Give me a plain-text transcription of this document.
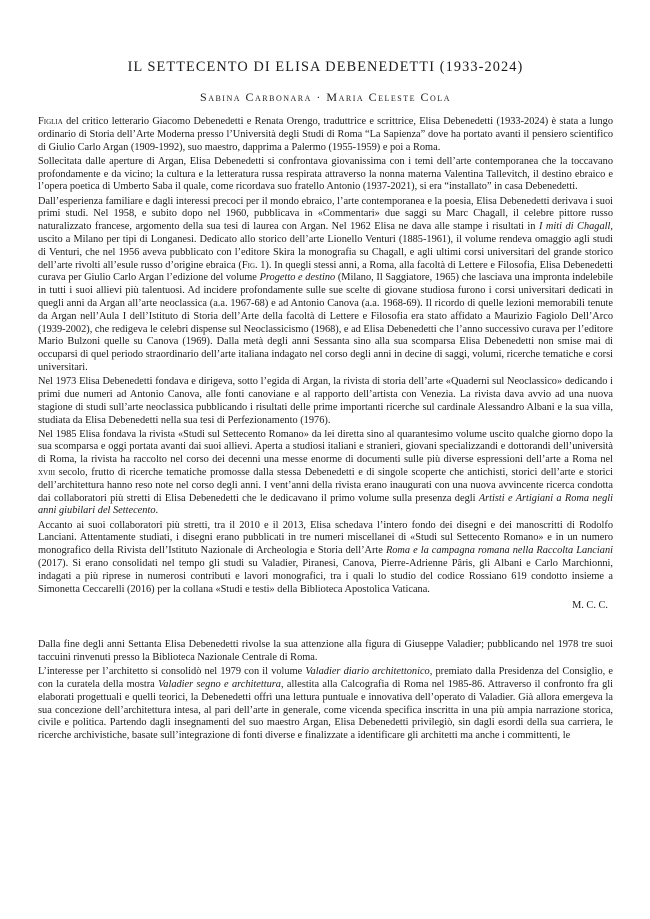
IL SETTECENTO DI ELISA DEBENEDETTI (1933-2024)
Sabina Carbonara · Maria Celeste Cola

Figlia del critico letterario Giacomo Debenedetti e Renata Orengo, traduttrice e scrittrice, Elisa Debenedetti (1933-2024) è stata a lungo ordinario di Storia dell’Arte Moderna presso l’Università degli Studi di Roma “La Sapienza” dove ha portato avanti il pensiero scientifico di Giulio Carlo Argan (1909-1992), suo maestro, dapprima a Palermo (1955-1959) e poi a Roma.

Sollecitata dalle aperture di Argan, Elisa Debenedetti si confrontava giovanissima con i temi dell’arte contemporanea che la toccavano profondamente e da vicino; la cultura e la letteratura russa respirata attraverso la nonna materna Valentina Tallevitch, il destino ebraico e l’opera poetica di Umberto Saba il quale, come ricordava suo fratello Antonio (1937-2021), si era “installato” in casa Debenedetti.

Dall’esperienza familiare e dagli interessi precoci per il mondo ebraico, l’arte contemporanea e la poesia, Elisa Debenedetti derivava i suoi primi studi. Nel 1958, e subito dopo nel 1960, pubblicava in «Commentari» due saggi su Marc Chagall, il celebre pittore russo naturalizzato francese, argomento della sua tesi di laurea con Argan. Nel 1962 Elisa ne dava alle stampe i risultati in I miti di Chagall, uscito a Milano per tipi di Longanesi. Dedicato allo storico dell’arte Lionello Venturi (1885-1961), il volume rendeva omaggio agli studi di Venturi, che nel 1956 aveva pubblicato con l’editore Skira la monografia su Chagall, e agli ultimi corsi universitari del grande storico dell’arte rivolti all’esule russo d’origine ebraica (Fig. 1). In quegli stessi anni, a Roma, alla facoltà di Lettere e Filosofia, Elisa Debenedetti curava per Giulio Carlo Argan l’edizione del volume Progetto e destino (Milano, Il Saggiatore, 1965) che lasciava una impronta indelebile in tutti i suoi allievi più talentuosi. Ad incidere profondamente sulle sue scelte di giovane studiosa furono i corsi universitari dedicati in quegli anni da Argan all’arte neoclassica (a.a. 1967-68) e ad Antonio Canova (a.a. 1968-69). Il ricordo di quelle lezioni memorabili tenute da Argan nell’Aula I dell’Istituto di Storia dell’Arte della facoltà di Lettere e Filosofia era stato affidato a Maurizio Fagiolo Dell’Arco (1939-2002), che redigeva le celebri dispense sul Neoclassicismo (1968), e ad Elisa Debenedetti che l’anno successivo curava per l’editore Mario Bulzoni quelle su Canova (1969). Dalla metà degli anni Sessanta sino alla sua scomparsa Elisa Debenedetti non smise mai di occuparsi di quel periodo straordinario dell’arte italiana indagato nel corso degli anni in decine di saggi, volumi, ricerche tematiche e corsi universitari.

Nel 1973 Elisa Debenedetti fondava e dirigeva, sotto l’egida di Argan, la rivista di storia dell’arte «Quaderni sul Neoclassico» dedicando i primi due numeri ad Antonio Canova, alle fonti canoviane e al rapporto dell’artista con Venezia. La rivista dava avvio ad una nuova stagione di studi sull’arte neoclassica pubblicando i risultati delle prime importanti ricerche sul cardinale Alessandro Albani e la sua villa, studiata da Elisa Debenedetti nella sua tesi di Perfezionamento (1976).

Nel 1985 Elisa fondava la rivista «Studi sul Settecento Romano» da lei diretta sino al quarantesimo volume uscito qualche giorno dopo la sua scomparsa e oggi portata avanti dai suoi allievi. Aperta a studiosi italiani e stranieri, giovani specializzandi e dottorandi dell’università di Roma, la rivista ha raccolto nel corso dei decenni una messe enorme di documenti sulle più diverse espressioni dell’arte a Roma nel xviii secolo, frutto di ricerche tematiche promosse dalla stessa Debenedetti e di singole scoperte che antichisti, storici dell’arte e storici dell’architettura hanno reso note nel corso degli anni. I vent’anni della rivista erano inaugurati con una nuova avvincente ricerca condotta dai collaboratori più stretti di Elisa Debenedetti che le dedicavano il primo volume sulla presenza degli Artisti e Artigiani a Roma negli anni giubilari del Settecento.

Accanto ai suoi collaboratori più stretti, tra il 2010 e il 2013, Elisa schedava l’intero fondo dei disegni e dei manoscritti di Rodolfo Lanciani. Attentamente studiati, i disegni erano pubblicati in tre numeri miscellanei di «Studi sul Settecento Romano» e in un numero monografico della Rivista dell’Istituto Nazionale di Archeologia e Storia dell’Arte Roma e la campagna romana nella Raccolta Lanciani (2017). Si erano consolidati nel tempo gli studi su Valadier, Piranesi, Canova, Pierre-Adrienne Pâris, gli Albani e Carlo Marchionni, indagati a più riprese in numerosi contributi e lavori monografici, tra i quali lo studio del codice Rossiano 619 condotto insieme a Simonetta Ceccarelli (2016) per la collana «Studi e testi» della Biblioteca Apostolica Vaticana.

M. C. C.

Dalla fine degli anni Settanta Elisa Debenedetti rivolse la sua attenzione alla figura di Giuseppe Valadier; pubblicando nel 1978 tre suoi taccuini rinvenuti presso la Biblioteca Nazionale Centrale di Roma.

L’interesse per l’architetto si consolidò nel 1979 con il volume Valadier diario architettonico, premiato dalla Presidenza del Consiglio, e con la curatela della mostra Valadier segno e architettura, allestita alla Calcografia di Roma nel 1985-86. Attraverso il confronto fra gli elaborati progettuali e quelli teorici, la Debenedetti offrì una lettura puntuale e innovativa dell’operato di Valadier. Già allora emergeva la sua concezione dell’architettura intesa, al pari dell’arte in generale, come vicenda specifica inscritta in una più ampia narrazione storica, civile e politica. Partendo dagli insegnamenti del suo maestro Argan, Elisa Debenedetti privilegiò, sin dagli esordi della sua carriera, le ricerche archivistiche, basate sull’integrazione di fonti diverse e finalizzate a identificare gli architetti ma anche i committenti, le
